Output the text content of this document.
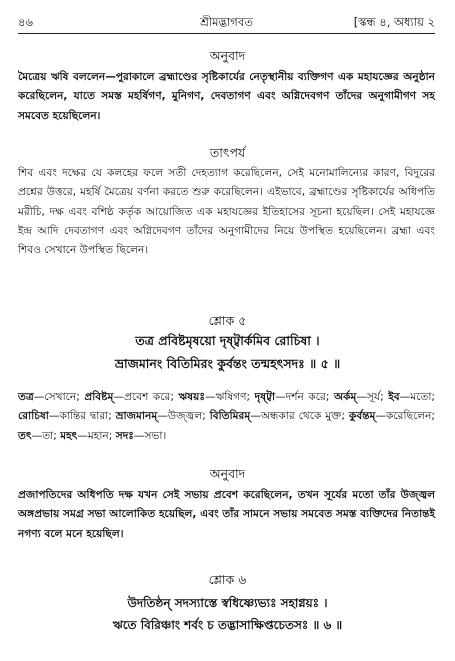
৪৬	শ্রীমদ্ভাগবত	[স্কন্ধ ৪, অধ্যায় ২
অনুবাদ

মৈত্রেয় ঋষি বললেন—পুরাকালে ব্রহ্মাণ্ডের সৃষ্টিকার্যের নেতৃস্থানীয় ব্যক্তিগণ এক মহাযজ্ঞের অনুষ্ঠান করেছিলেন, যাতে সমস্ত মহর্ষিগণ, মুনিগণ, দেবতাগণ এবং অগ্নিদেবগণ তাঁদের অনুগামীগণ সহ সমবেত হয়েছিলেন।

তাৎপর্য

শিব এবং দক্ষের যে কলহের ফলে সতী দেহত্যাগ করেছিলেন, সেই মনোমালিন্যের কারণ, বিদুরের প্রশ্নের উত্তরে, মহর্ষি মৈত্রেয় বর্ণনা করতে শুরু করেছিলেন। এইভাবে, ব্রহ্মাণ্ডের সৃষ্টিকার্যের অধিপতি মরীচি, দক্ষ এবং বশিষ্ঠ কর্তৃক আয়োজিত এক মহাযজ্ঞের ইতিহাসের সূচনা হয়েছিল। সেই মহাযজ্ঞে ইন্দ্র আদি দেবতাগণ এবং অগ্নিদেবগণ তাঁদের অনুগামীদের নিয়ে উপস্থিত হয়েছিলেন। ব্রহ্মা এবং শিবও সেখানে উপস্থিত ছিলেন।

শ্লোক ৫
তত্র প্রবিষ্টমৃষয়ো দৃষ্ট্বার্কমিব রোচিষা ।
ভ্রাজমানং বিতিমিরং কুর্বন্তং তন্মহৎসদঃ ॥ ৫ ॥

তত্র—সেখানে; প্রবিষ্টম্—প্রবেশ করে; ঋষয়ঃ—ঋষিগণ; দৃষ্ট্বা—দর্শন করে; অর্কম্—সূর্য; ইব—মতো; রোচিষা—কান্তির দ্বারা; ভ্রাজমানম্—উজ্জ্বল; বিতিমিরম্—অন্ধকার থেকে মুক্ত; কুর্বন্তম্—করেছিলেন; তৎ—তা; মহৎ—মহান; সদঃ—সভা।

অনুবাদ

প্রজাপতিদের অধিপতি দক্ষ যখন সেই সভায় প্রবেশ করেছিলেন, তখন সূর্যের মতো তাঁর উজ্জ্বল অঙ্গপ্রভায় সমগ্র সভা আলোকিত হয়েছিল, এবং তাঁর সামনে সভায় সমবেত সমস্ত ব্যক্তিদের নিতান্তই নগণ্য বলে মনে হয়েছিল।

শ্লোক ৬
উদতিষ্ঠন্ সদস্যাস্তে স্বধিষ্ণ্যেভ্যঃ সহাগ্নয়ঃ ।
ঋতে বিরিঞ্চাং শর্বং চ তদ্ভাসাক্ষিপ্তচেতসঃ ॥ ৬ ॥
